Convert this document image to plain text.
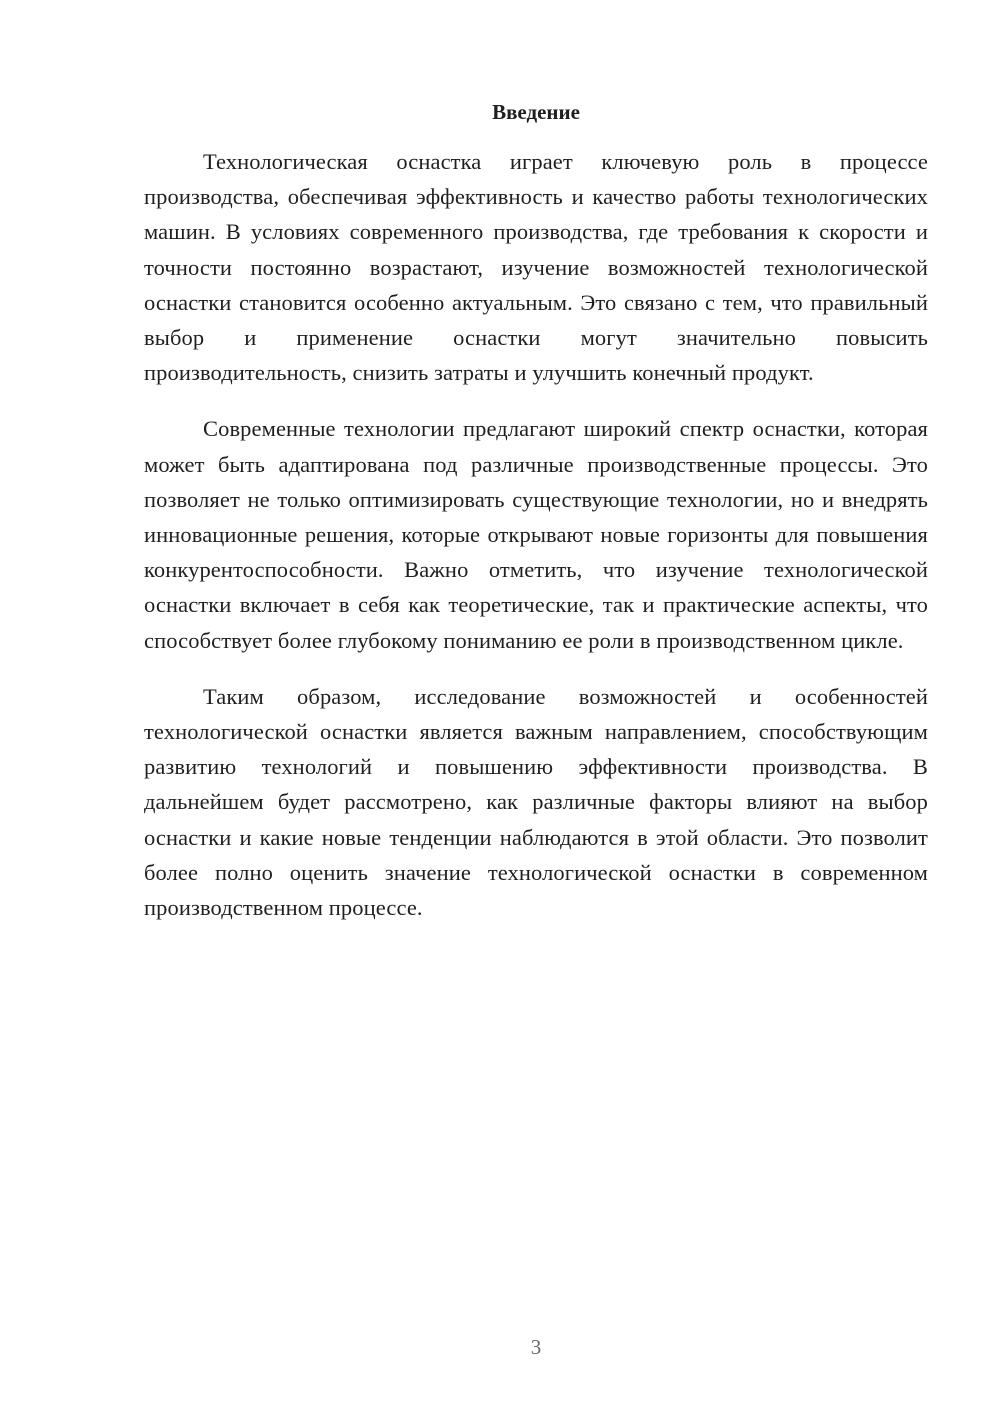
Введение

Технологическая оснастка играет ключевую роль в процессе производства, обеспечивая эффективность и качество работы технологических машин. В условиях современного производства, где требования к скорости и точности постоянно возрастают, изучение возможностей технологической оснастки становится особенно актуальным. Это связано с тем, что правильный выбор и применение оснастки могут значительно повысить производительность, снизить затраты и улучшить конечный продукт.

Современные технологии предлагают широкий спектр оснастки, которая может быть адаптирована под различные производственные процессы. Это позволяет не только оптимизировать существующие технологии, но и внедрять инновационные решения, которые открывают новые горизонты для повышения конкурентоспособности. Важно отметить, что изучение технологической оснастки включает в себя как теоретические, так и практические аспекты, что способствует более глубокому пониманию ее роли в производственном цикле.

Таким образом, исследование возможностей и особенностей технологической оснастки является важным направлением, способствующим развитию технологий и повышению эффективности производства. В дальнейшем будет рассмотрено, как различные факторы влияют на выбор оснастки и какие новые тенденции наблюдаются в этой области. Это позволит более полно оценить значение технологической оснастки в современном производственном процессе.

3
